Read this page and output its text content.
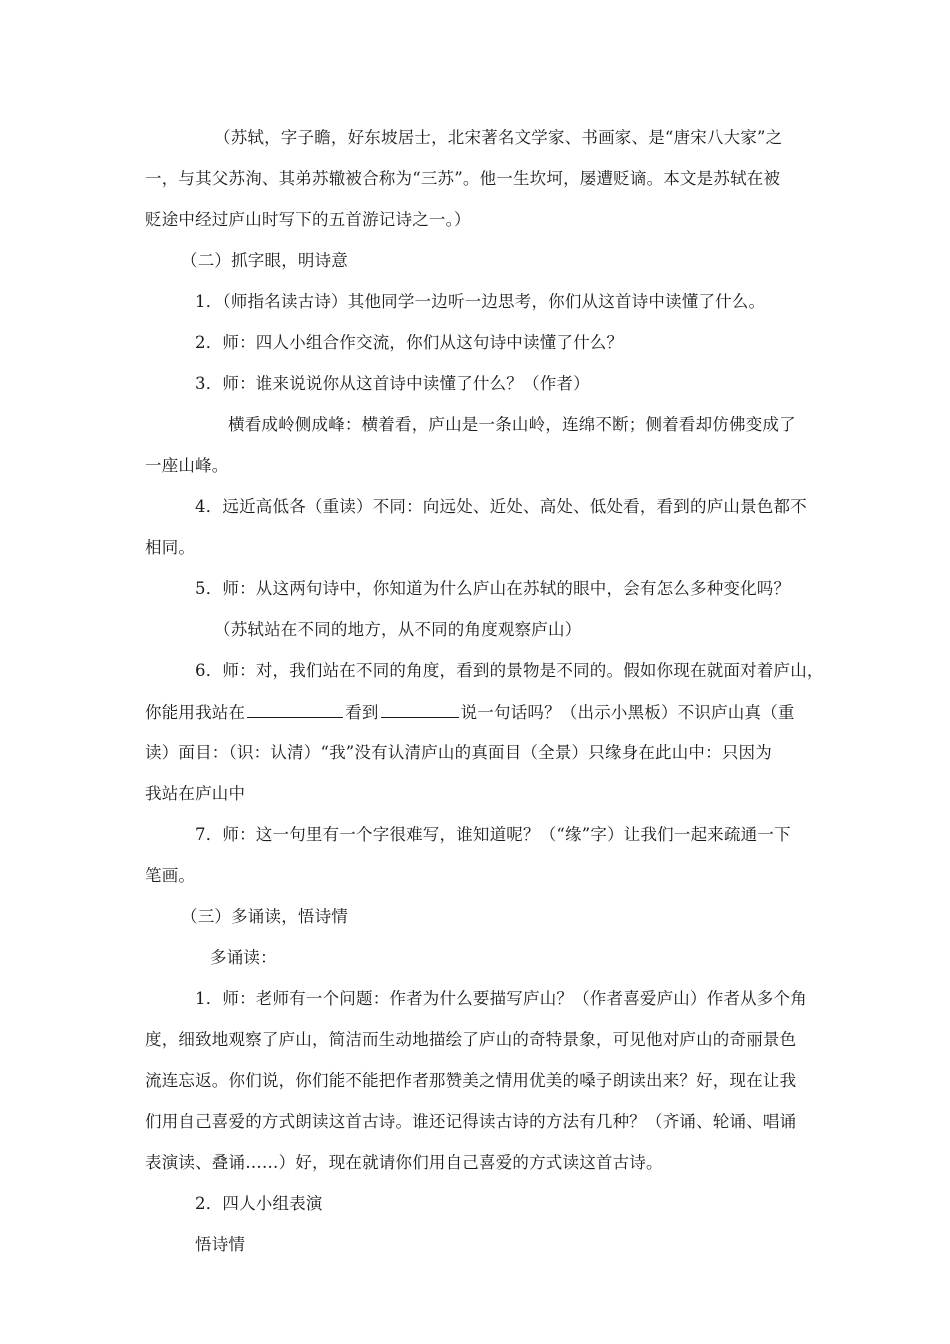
（苏轼，字子瞻，好东坡居士，北宋著名文学家、书画家、是“唐宋八大家”之
一，与其父苏洵、其弟苏辙被合称为“三苏”。他一生坎坷，屡遭贬谪。本文是苏轼在被
贬途中经过庐山时写下的五首游记诗之一。）
（二）抓字眼，明诗意
1．（师指名读古诗）其他同学一边听一边思考，你们从这首诗中读懂了什么。
2．师：四人小组合作交流，你们从这句诗中读懂了什么？
3．师：谁来说说你从这首诗中读懂了什么？（作者）
横看成岭侧成峰：横着看，庐山是一条山岭，连绵不断；侧着看却仿佛变成了
一座山峰。
4．远近高低各（重读）不同：向远处、近处、高处、低处看，看到的庐山景色都不
相同。
5．师：从这两句诗中，你知道为什么庐山在苏轼的眼中，会有怎么多种变化吗？
（苏轼站在不同的地方，从不同的角度观察庐山）
6．师：对，我们站在不同的角度，看到的景物是不同的。假如你现在就面对着庐山，
你能用我站在	看到	说一句话吗？（出示小黑板）不识庐山真（重
读）面目：（识：认清）“我”没有认清庐山的真面目（全景）只缘身在此山中：只因为
我站在庐山中
7．师：这一句里有一个字很难写，谁知道呢？（“缘”字）让我们一起来疏通一下
笔画。
（三）多诵读，悟诗情
多诵读：
1．师：老师有一个问题：作者为什么要描写庐山？（作者喜爱庐山）作者从多个角
度，细致地观察了庐山，简洁而生动地描绘了庐山的奇特景象，可见他对庐山的奇丽景色
流连忘返。你们说，你们能不能把作者那赞美之情用优美的嗓子朗读出来？好，现在让我
们用自己喜爱的方式朗读这首古诗。谁还记得读古诗的方法有几种？（齐诵、轮诵、唱诵
表演读、叠诵……）好，现在就请你们用自己喜爱的方式读这首古诗。
2．四人小组表演
悟诗情
